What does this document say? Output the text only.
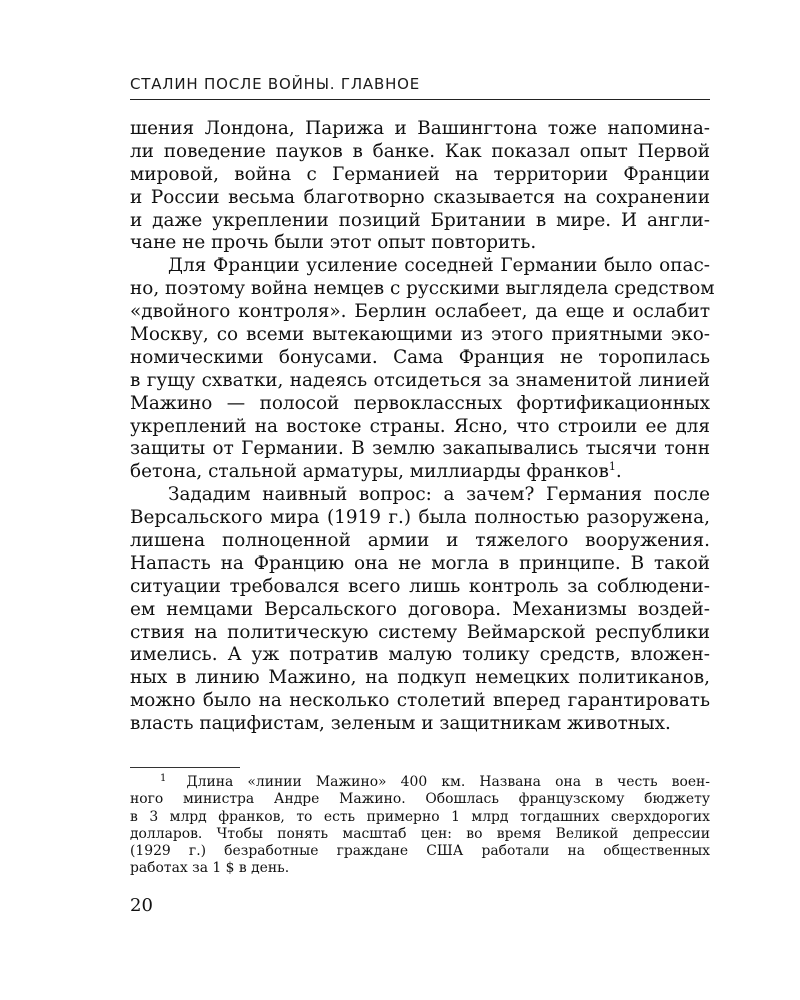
СТАЛИН ПОСЛЕ ВОЙНЫ. ГЛАВНОЕ
шения Лондона, Парижа и Вашингтона тоже напомина-
ли поведение пауков в банке. Как показал опыт Первой
мировой, война с Германией на территории Франции
и России весьма благотворно сказывается на сохранении
и даже укреплении позиций Британии в мире. И англи-
чане не прочь были этот опыт повторить.
Для Франции усиление соседней Германии было опас-
но, поэтому война немцев с русскими выглядела средством
«двойного контроля». Берлин ослабеет, да еще и ослабит
Москву, со всеми вытекающими из этого приятными эко-
номическими бонусами. Сама Франция не торопилась
в гущу схватки, надеясь отсидеться за знаменитой линией
Мажино — полосой первоклассных фортификационных
укреплений на востоке страны. Ясно, что строили ее для
защиты от Германии. В землю закапывались тысячи тонн
бетона, стальной арматуры, миллиарды франков$^1$.
Зададим наивный вопрос: а зачем? Германия после
Версальского мира (1919 г.) была полностью разоружена,
лишена полноценной армии и тяжелого вооружения.
Напасть на Францию она не могла в принципе. В такой
ситуации требовался всего лишь контроль за соблюдени-
ем немцами Версальского договора. Механизмы воздей-
ствия на политическую систему Веймарской республики
имелись. А уж потратив малую толику средств, вложен-
ных в линию Мажино, на подкуп немецких политиканов,
можно было на несколько столетий вперед гарантировать
власть пацифистам, зеленым и защитникам животных.
$^1$ Длина «линии Мажино» 400 км. Названа она в честь воен-
ного министра Андре Мажино. Обошлась французскому бюджету
в 3 млрд франков, то есть примерно 1 млрд тогдашних сверхдорогих
долларов. Чтобы понять масштаб цен: во время Великой депрессии
(1929 г.) безработные граждане США работали на общественных
работах за 1 $ в день.
20
